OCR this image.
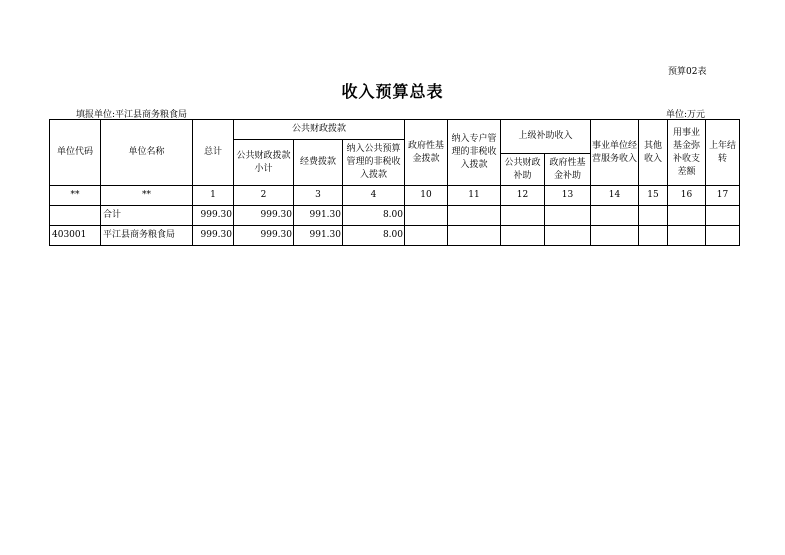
预算02表
收入预算总表
填报单位:平江县商务粮食局	单位:万元
单位代码	单位名称	总计	公共财政拨款			政府性基金拨款	纳入专户管理的非税收入拨款	上级补助收入		事业单位经营服务收入	其他收入	用事业基金弥补收支差额	上年结转
			公共财政拨款小计	经费拨款	纳入公共预算管理的非税收入拨款								
								公共财政补助	政府性基金补助				
**	**	1	2	3	4	10	11	12	13	14	15	16	17
	合计	999.30	999.30	991.30	8.00								
403001	平江县商务粮食局	999.30	999.30	991.30	8.00								
